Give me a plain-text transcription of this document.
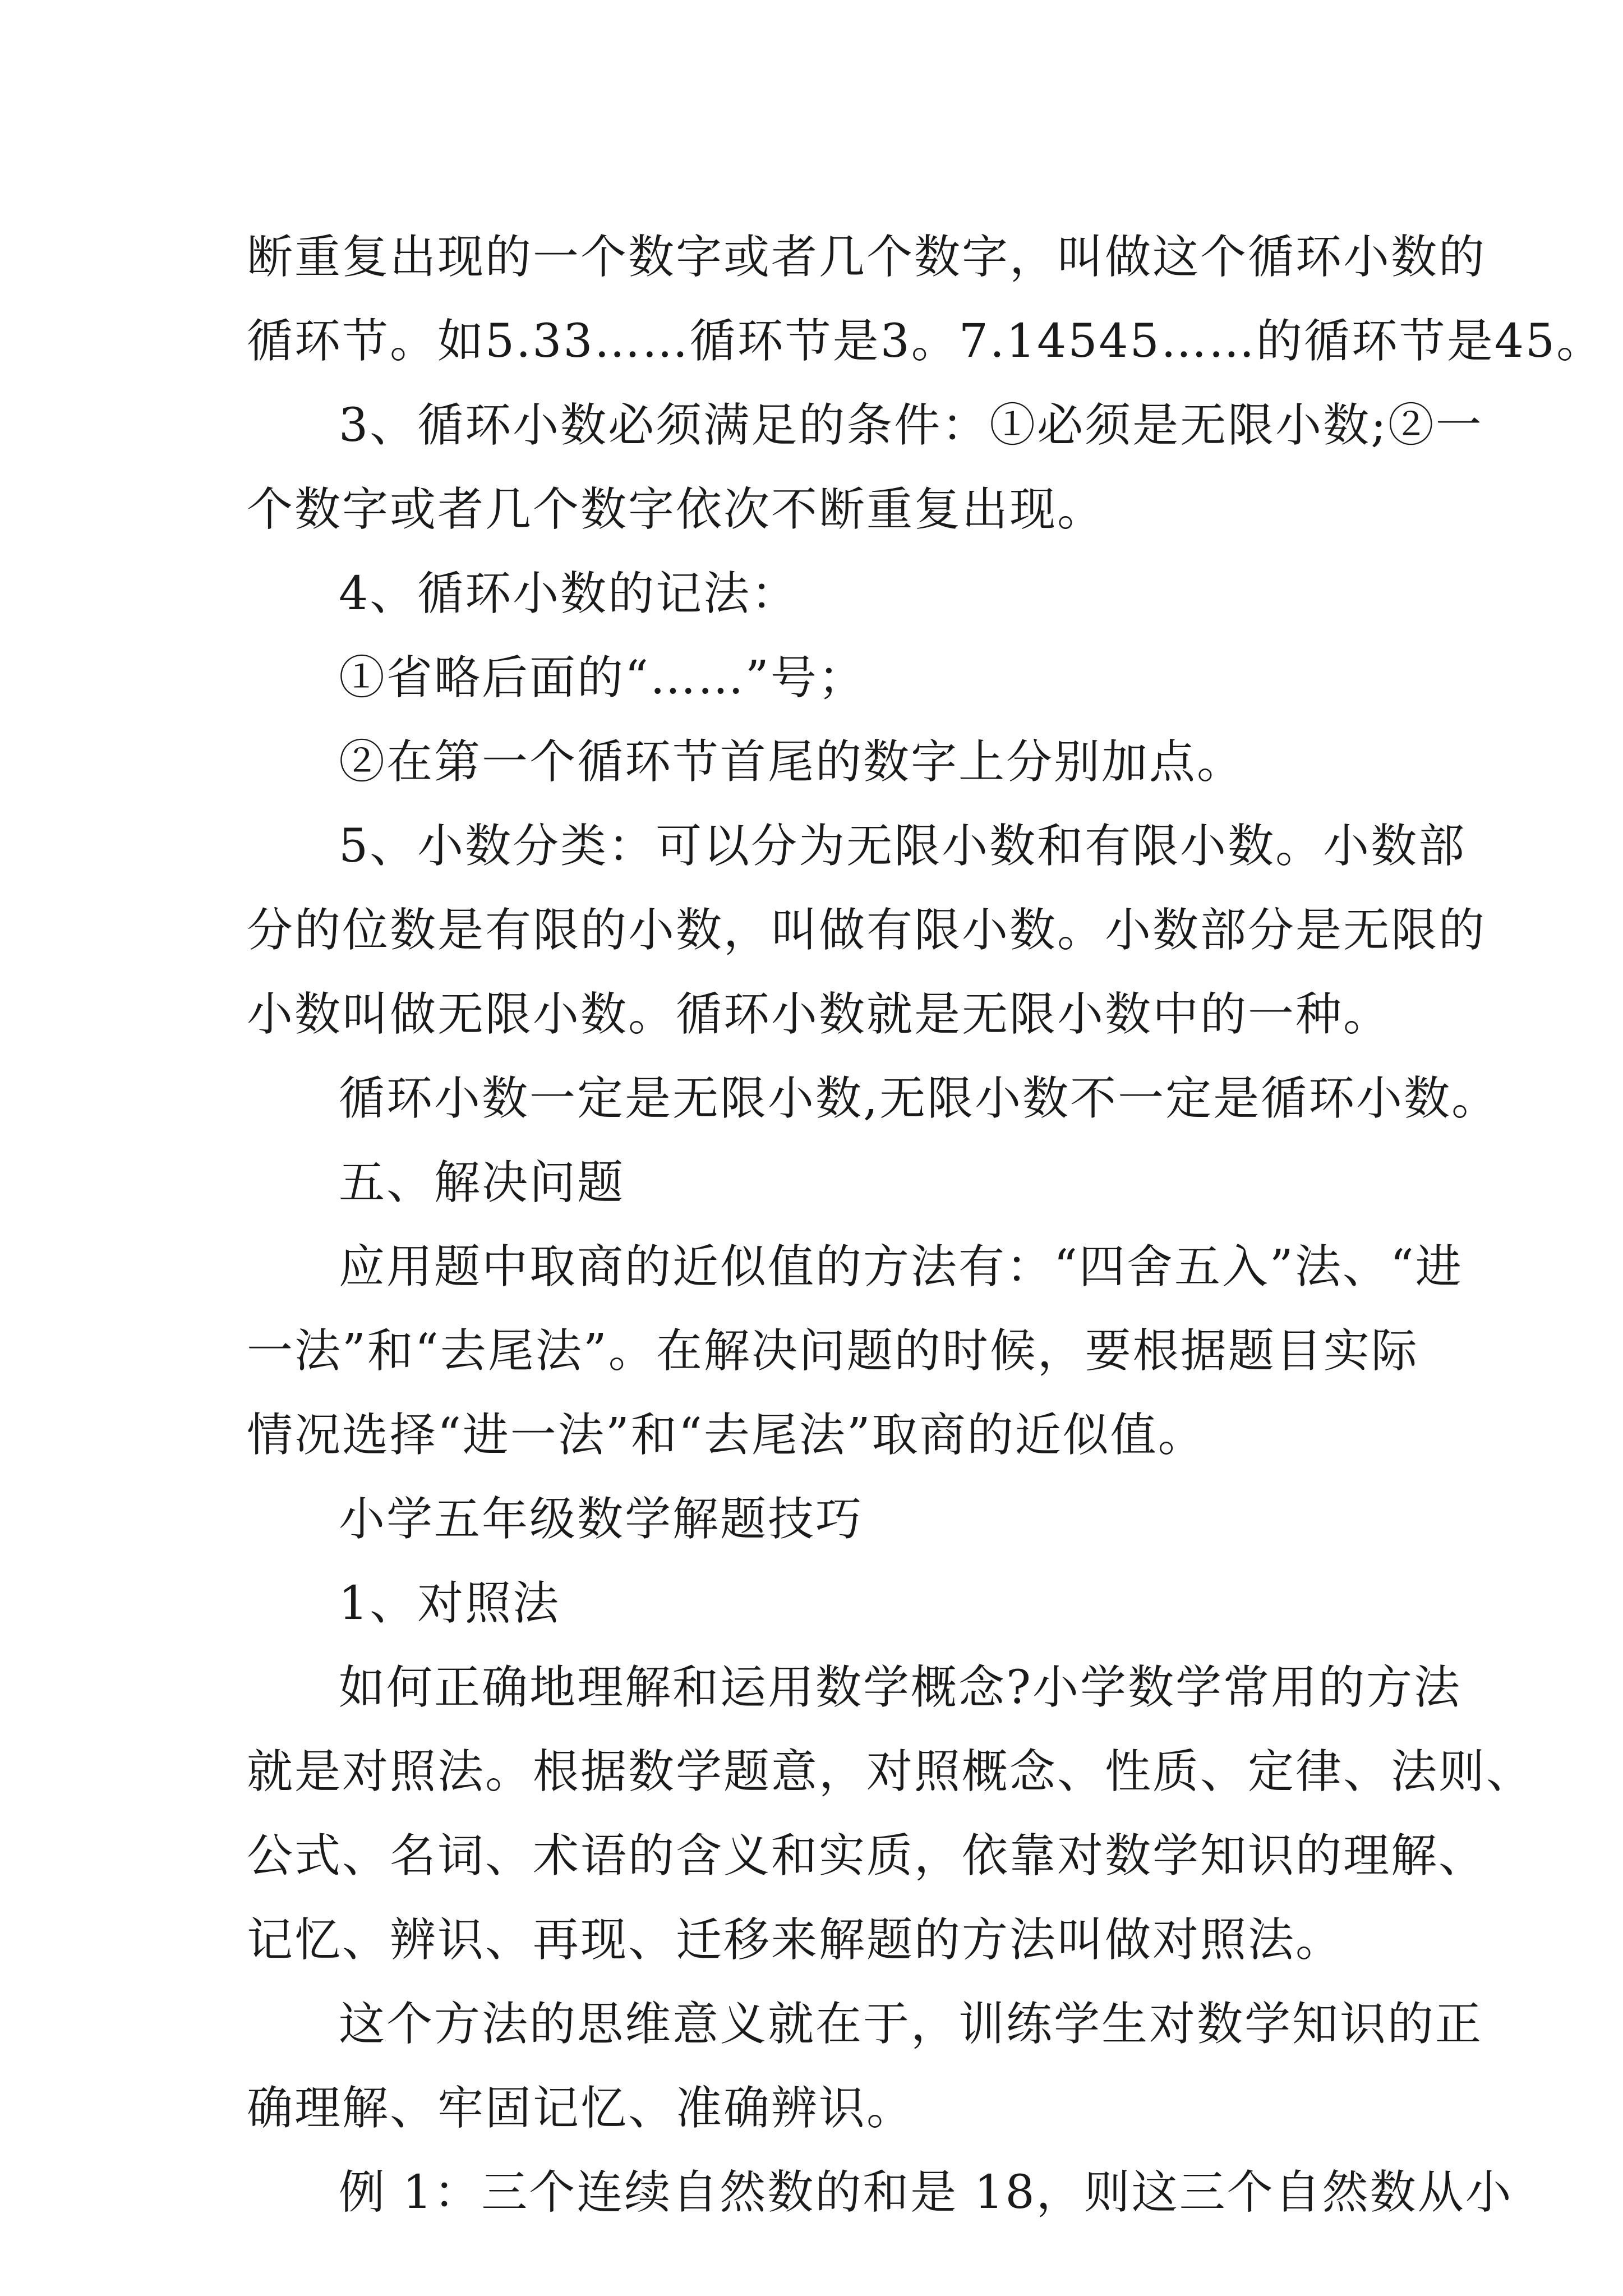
断重复出现的一个数字或者几个数字，叫做这个循环小数的
循环节。如5.33……循环节是3。7.14545……的循环节是45。
3、循环小数必须满足的条件：①必须是无限小数;②一
个数字或者几个数字依次不断重复出现。
4、循环小数的记法：
①省略后面的“……”号；
②在第一个循环节首尾的数字上分别加点。
5、小数分类：可以分为无限小数和有限小数。小数部
分的位数是有限的小数，叫做有限小数。小数部分是无限的
小数叫做无限小数。循环小数就是无限小数中的一种。
循环小数一定是无限小数,无限小数不一定是循环小数。
五、解决问题
应用题中取商的近似值的方法有：“四舍五入”法、“进
一法”和“去尾法”。在解决问题的时候，要根据题目实际
情况选择“进一法”和“去尾法”取商的近似值。
小学五年级数学解题技巧
1、对照法
如何正确地理解和运用数学概念?小学数学常用的方法
就是对照法。根据数学题意，对照概念、性质、定律、法则、
公式、名词、术语的含义和实质，依靠对数学知识的理解、
记忆、辨识、再现、迁移来解题的方法叫做对照法。
这个方法的思维意义就在于，训练学生对数学知识的正
确理解、牢固记忆、准确辨识。
例 1：三个连续自然数的和是 18，则这三个自然数从小
